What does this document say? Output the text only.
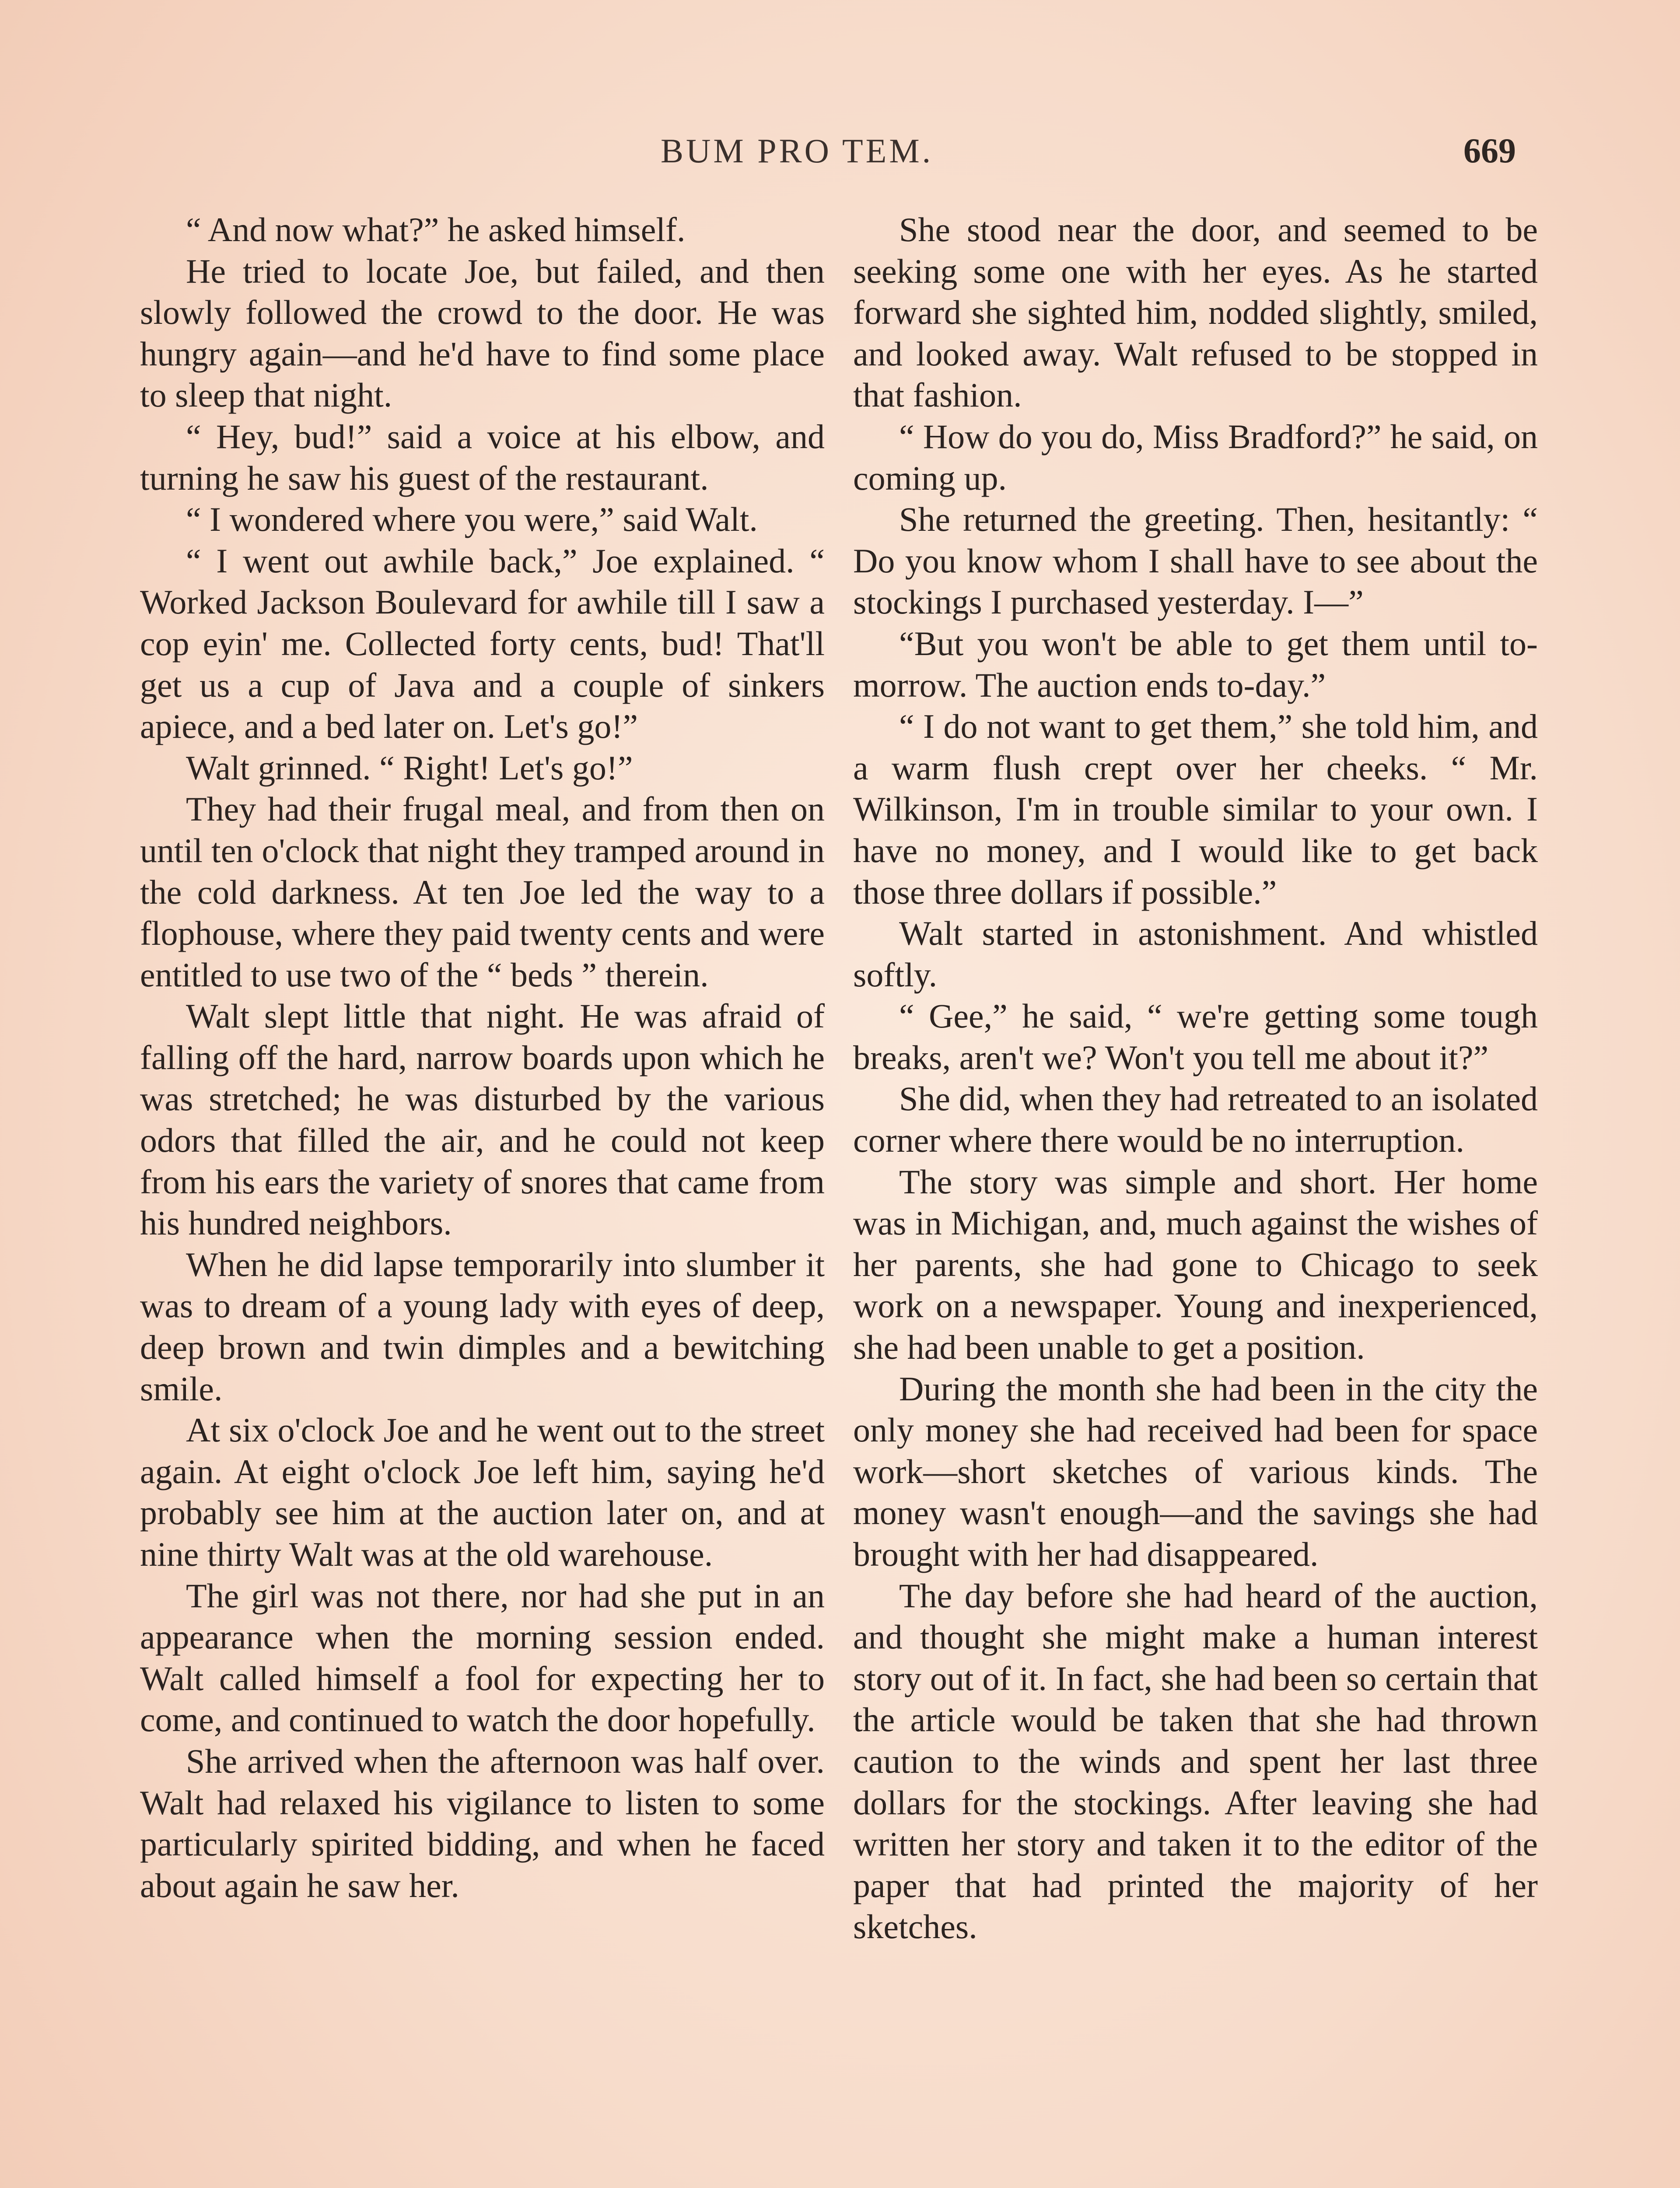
BUM PRO TEM.	669

“ And now what?” he asked himself.

He tried to locate Joe, but failed, and then slowly followed the crowd to the door. He was hungry again—and he'd have to find some place to sleep that night.

“ Hey, bud!” said a voice at his elbow, and turning he saw his guest of the restaurant.

“ I wondered where you were,” said Walt.

“ I went out awhile back,” Joe explained. “ Worked Jackson Boulevard for awhile till I saw a cop eyin' me. Collected forty cents, bud! That'll get us a cup of Java and a couple of sinkers apiece, and a bed later on. Let's go!”

Walt grinned. “ Right! Let's go!”

They had their frugal meal, and from then on until ten o'clock that night they tramped around in the cold darkness. At ten Joe led the way to a flophouse, where they paid twenty cents and were entitled to use two of the “ beds ” therein.

Walt slept little that night. He was afraid of falling off the hard, narrow boards upon which he was stretched; he was disturbed by the various odors that filled the air, and he could not keep from his ears the variety of snores that came from his hundred neighbors.

When he did lapse temporarily into slumber it was to dream of a young lady with eyes of deep, deep brown and twin dimples and a bewitching smile.

At six o'clock Joe and he went out to the street again. At eight o'clock Joe left him, saying he'd probably see him at the auction later on, and at nine thirty Walt was at the old warehouse.

The girl was not there, nor had she put in an appearance when the morning session ended. Walt called himself a fool for expecting her to come, and continued to watch the door hopefully.

She arrived when the afternoon was half over. Walt had relaxed his vigilance to listen to some particularly spirited bidding, and when he faced about again he saw her.

She stood near the door, and seemed to be seeking some one with her eyes. As he started forward she sighted him, nodded slightly, smiled, and looked away. Walt refused to be stopped in that fashion.

“ How do you do, Miss Bradford?” he said, on coming up.

She returned the greeting. Then, hesitantly: “ Do you know whom I shall have to see about the stockings I purchased yesterday. I—”

“But you won't be able to get them until to-morrow. The auction ends to-day.”

“ I do not want to get them,” she told him, and a warm flush crept over her cheeks. “ Mr. Wilkinson, I'm in trouble similar to your own. I have no money, and I would like to get back those three dollars if possible.”

Walt started in astonishment. And whistled softly.

“ Gee,” he said, “ we're getting some tough breaks, aren't we? Won't you tell me about it?”

She did, when they had retreated to an isolated corner where there would be no interruption.

The story was simple and short. Her home was in Michigan, and, much against the wishes of her parents, she had gone to Chicago to seek work on a newspaper. Young and inexperienced, she had been unable to get a position.

During the month she had been in the city the only money she had received had been for space work—short sketches of various kinds. The money wasn't enough—and the savings she had brought with her had disappeared.

The day before she had heard of the auction, and thought she might make a human interest story out of it. In fact, she had been so certain that the article would be taken that she had thrown caution to the winds and spent her last three dollars for the stockings. After leaving she had written her story and taken it to the editor of the paper that had printed the majority of her sketches.
